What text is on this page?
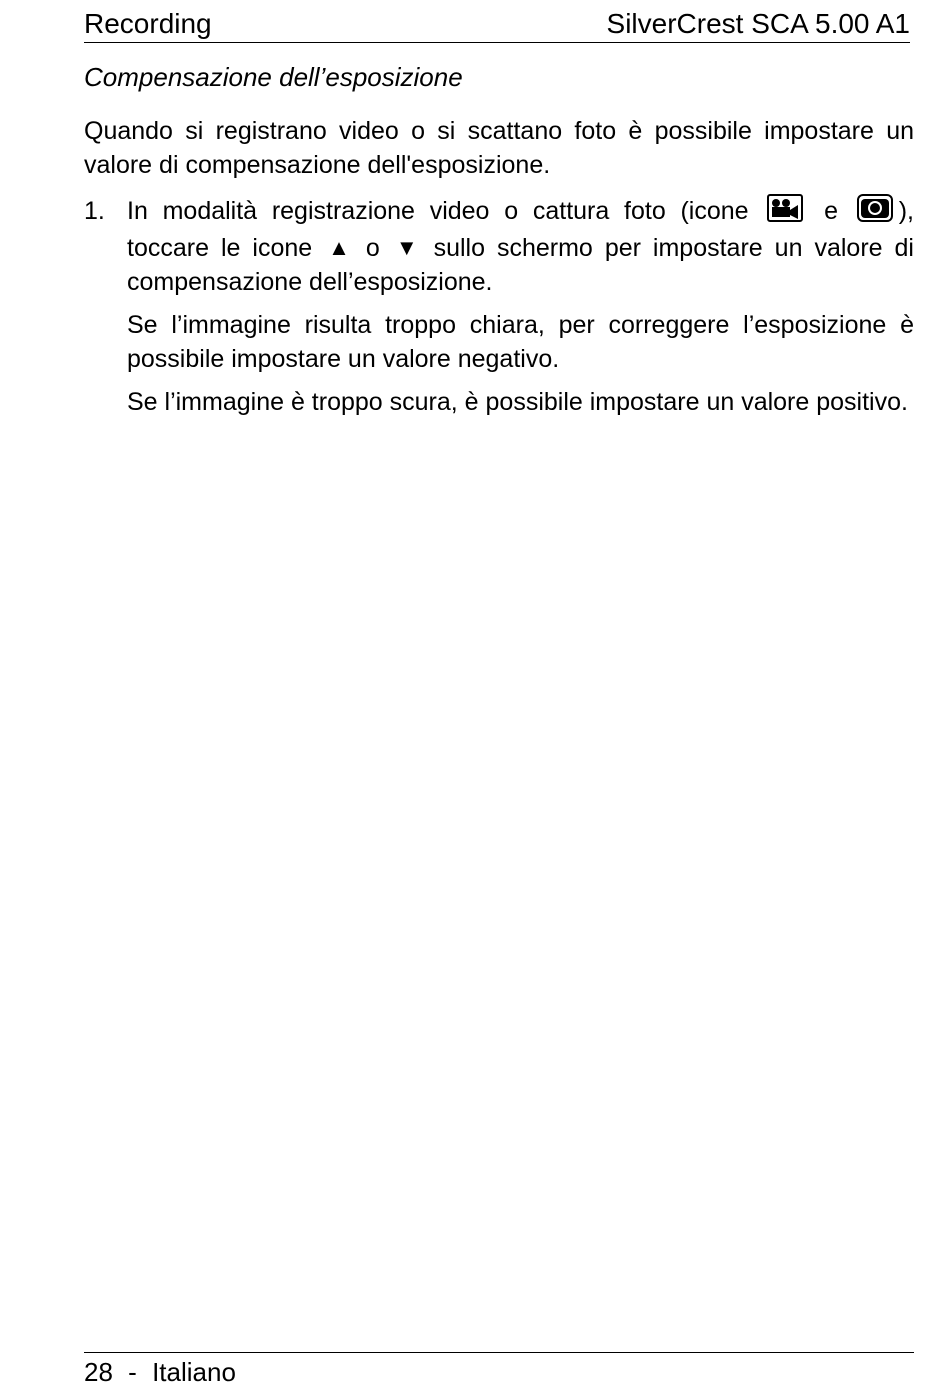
Recording	SilverCrest SCA 5.00 A1
Compensazione dell’esposizione
Quando si registrano video o si scattano foto è possibile impostare un valore di compensazione dell'esposizione.
1. In modalità registrazione video o cattura foto (icone	e ), toccare le icone ▲ o ▼ sullo schermo per impostare un valore di compensazione dell’esposizione.

Se l’immagine risulta troppo chiara, per correggere l’esposizione è possibile impostare un valore negativo.

Se l’immagine è troppo scura, è possibile impostare un valore positivo.

28 - Italiano
